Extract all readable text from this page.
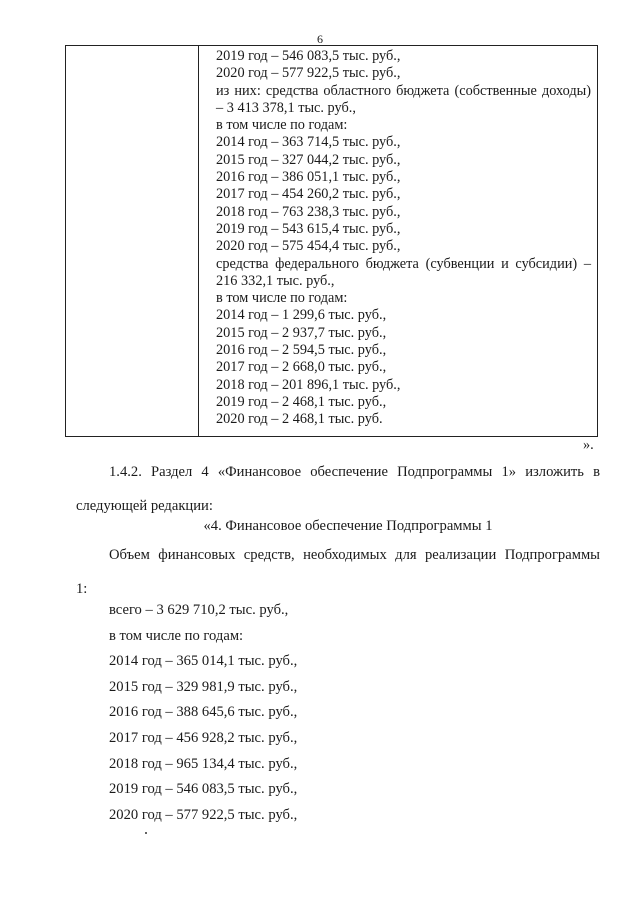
6
2019 год – 546 083,5 тыс. руб.,
2020 год – 577 922,5 тыс. руб.,
из них: средства областного бюджета (собственные доходы) – 3 413 378,1 тыс. руб.,
в том числе по годам:
2014 год – 363 714,5 тыс. руб.,
2015 год – 327 044,2 тыс. руб.,
2016 год – 386 051,1 тыс. руб.,
2017 год – 454 260,2 тыс. руб.,
2018 год – 763 238,3 тыс. руб.,
2019 год – 543 615,4 тыс. руб.,
2020 год – 575 454,4 тыс. руб.,
средства федерального бюджета (субвенции и субсидии) – 216 332,1 тыс. руб.,
в том числе по годам:
2014 год – 1 299,6 тыс. руб.,
2015 год – 2 937,7 тыс. руб.,
2016 год – 2 594,5 тыс. руб.,
2017 год – 2 668,0 тыс. руб.,
2018 год – 201 896,1 тыс. руб.,
2019 год – 2 468,1 тыс. руб.,
2020 год – 2 468,1 тыс. руб.
».
1.4.2. Раздел 4 «Финансовое обеспечение Подпрограммы 1» изложить в
следующей редакции:
«4. Финансовое обеспечение Подпрограммы 1
Объем финансовых средств, необходимых для реализации Подпрограммы
1:
всего – 3 629 710,2 тыс. руб.,
в том числе по годам:
2014 год – 365 014,1 тыс. руб.,
2015 год – 329 981,9 тыс. руб.,
2016 год – 388 645,6 тыс. руб.,
2017 год – 456 928,2 тыс. руб.,
2018 год – 965 134,4 тыс. руб.,
2019 год – 546 083,5 тыс. руб.,
2020 год – 577 922,5 тыс. руб.,
